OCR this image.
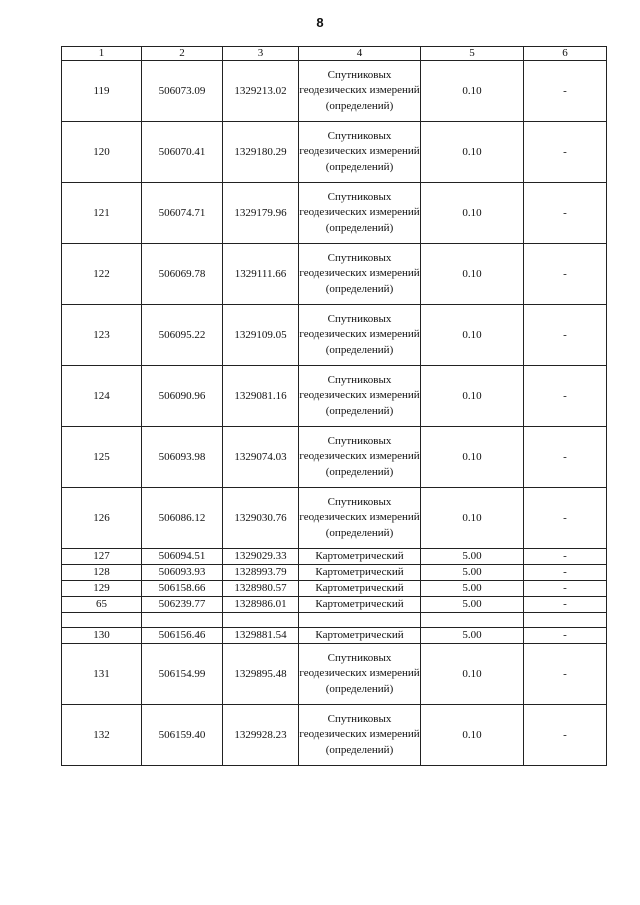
8
1	2	3	4	5	6
119	506073.09	1329213.02	Спутниковых геодезических измерений (определений)	0.10	-
120	506070.41	1329180.29	Спутниковых геодезических измерений (определений)	0.10	-
121	506074.71	1329179.96	Спутниковых геодезических измерений (определений)	0.10	-
122	506069.78	1329111.66	Спутниковых геодезических измерений (определений)	0.10	-
123	506095.22	1329109.05	Спутниковых геодезических измерений (определений)	0.10	-
124	506090.96	1329081.16	Спутниковых геодезических измерений (определений)	0.10	-
125	506093.98	1329074.03	Спутниковых геодезических измерений (определений)	0.10	-
126	506086.12	1329030.76	Спутниковых геодезических измерений (определений)	0.10	-
127	506094.51	1329029.33	Картометрический	5.00	-
128	506093.93	1328993.79	Картометрический	5.00	-
129	506158.66	1328980.57	Картометрический	5.00	-
65	506239.77	1328986.01	Картометрический	5.00	-

130	506156.46	1329881.54	Картометрический	5.00	-
131	506154.99	1329895.48	Спутниковых геодезических измерений (определений)	0.10	-
132	506159.40	1329928.23	Спутниковых геодезических измерений (определений)	0.10	-
